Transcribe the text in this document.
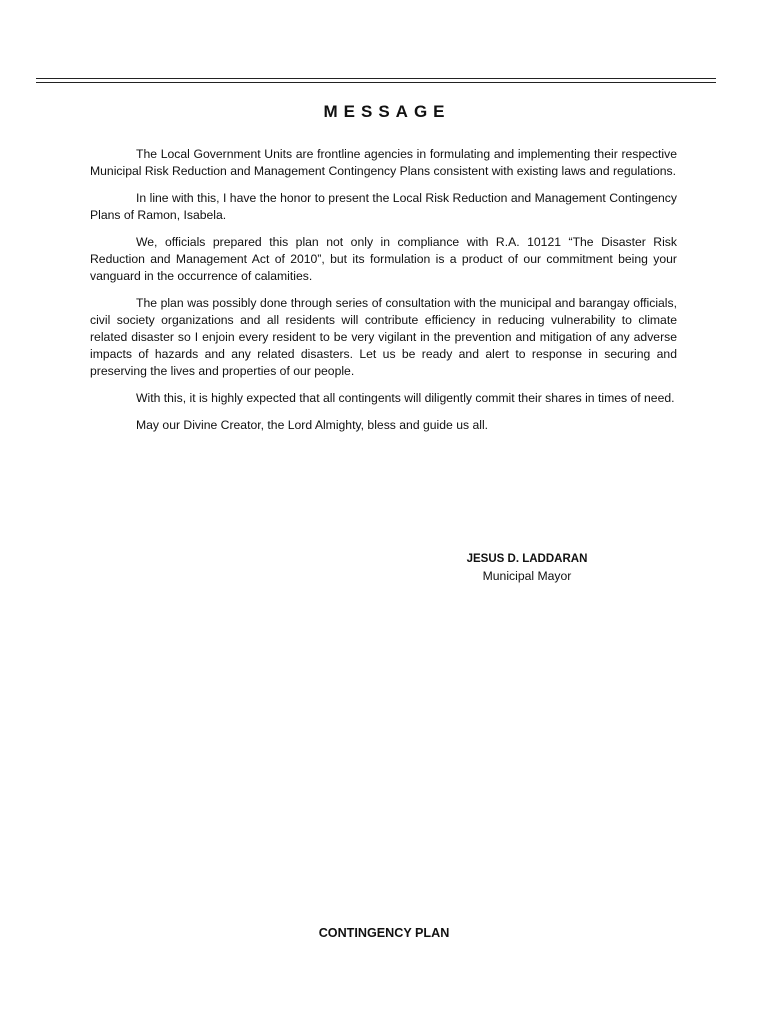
MESSAGE

The Local Government Units are frontline agencies in formulating and implementing their respective Municipal Risk Reduction and Management Contingency Plans consistent with existing laws and regulations.

In line with this, I have the honor to present the Local Risk Reduction and Management Contingency Plans of Ramon, Isabela.

We, officials prepared this plan not only in compliance with R.A. 10121 “The Disaster Risk Reduction and Management Act of 2010”, but its formulation is a product of our commitment being your vanguard in the occurrence of calamities.

The plan was possibly done through series of consultation with the municipal and barangay officials, civil society organizations and all residents will contribute efficiency in reducing vulnerability to climate related disaster so I enjoin every resident to be very vigilant in the prevention and mitigation of any adverse impacts of hazards and any related disasters. Let us be ready and alert to response in securing and preserving the lives and properties of our people.

With this, it is highly expected that all contingents will diligently commit their shares in times of need.

May our Divine Creator, the Lord Almighty, bless and guide us all.

JESUS D. LADDARAN
Municipal Mayor
CONTINGENCY PLAN
